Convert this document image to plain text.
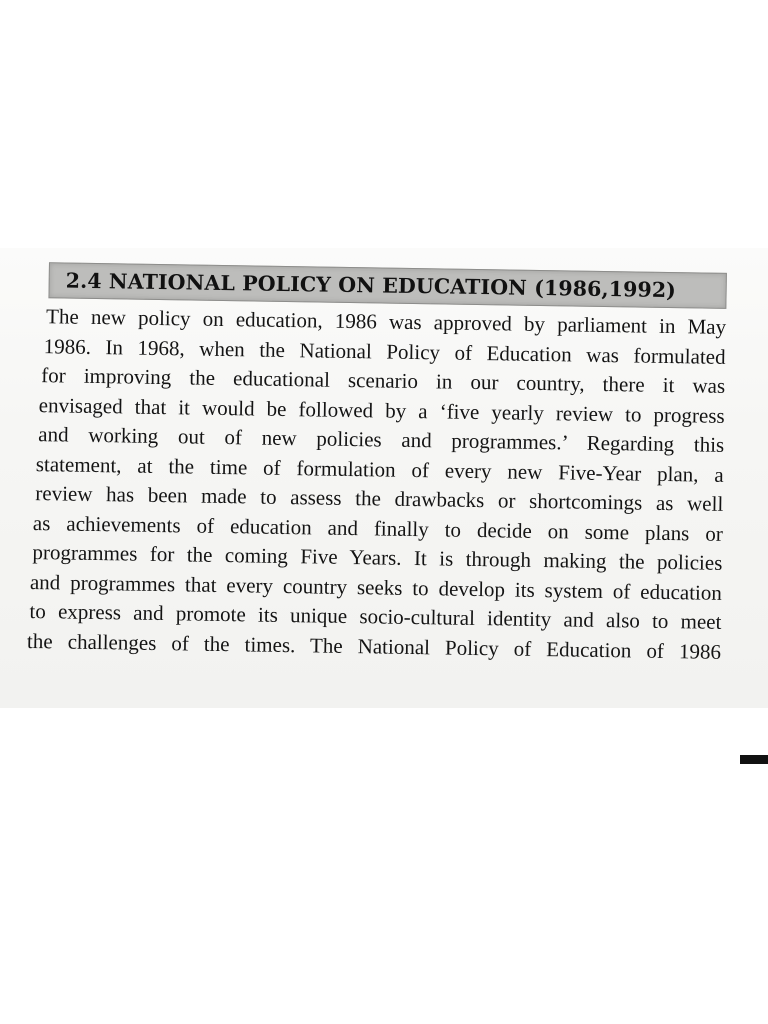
2.4 NATIONAL POLICY ON EDUCATION (1986,1992)
The new policy on education, 1986 was approved by parliament in May
1986. In 1968, when the National Policy of Education was formulated
for improving the educational scenario in our country, there it was
envisaged that it would be followed by a ‘five yearly review to progress
and working out of new policies and programmes.’ Regarding this
statement, at the time of formulation of every new Five-Year plan, a
review has been made to assess the drawbacks or shortcomings as well
as achievements of education and finally to decide on some plans or
programmes for the coming Five Years. It is through making the policies
and programmes that every country seeks to develop its system of education
to express and promote its unique socio-cultural identity and also to meet
the challenges of the times. The National Policy of Education of 1986
